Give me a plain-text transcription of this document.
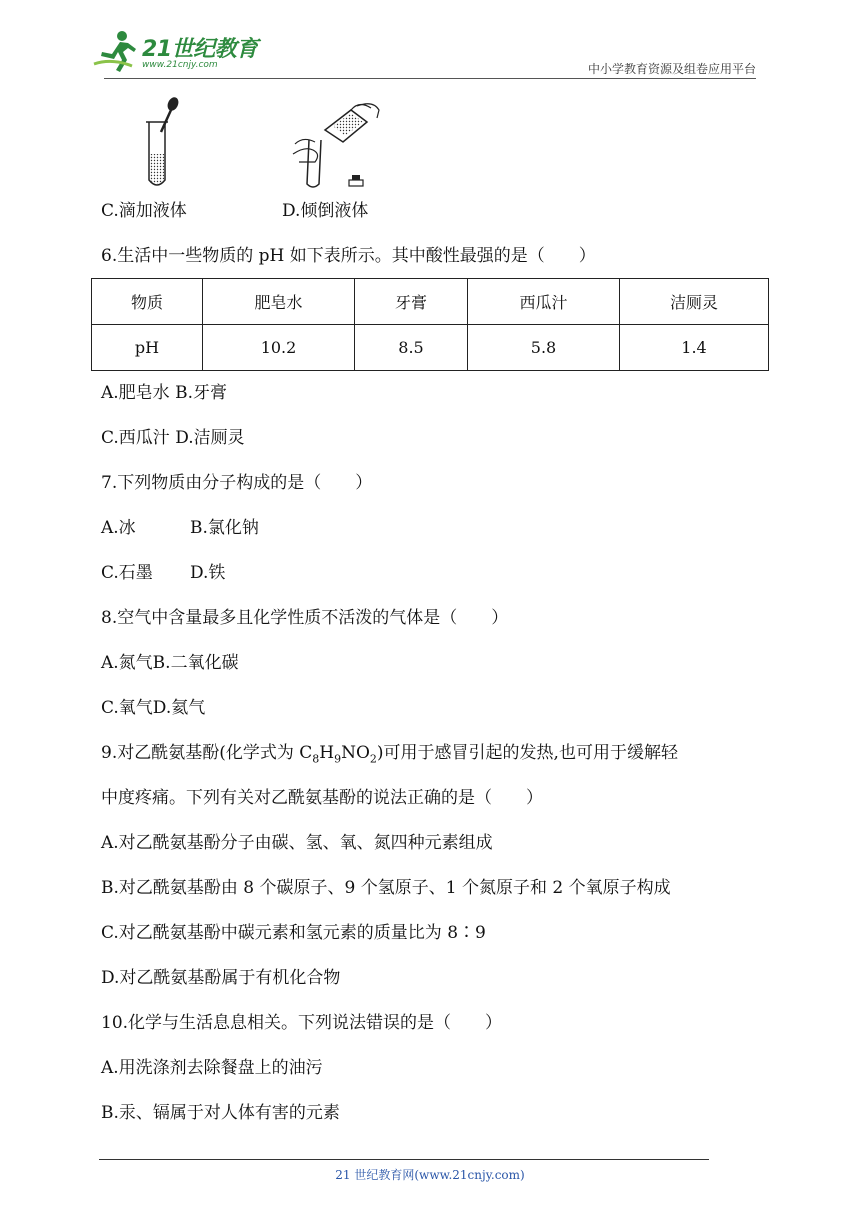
21世纪教育
www.21cnjy.com	中小学教育资源及组卷应用平台
C.滴加液体	D.倾倒液体
6.生活中一些物质的 pH 如下表所示。其中酸性最强的是（　　）
物质	肥皂水	牙膏	西瓜汁	洁厕灵
pH	10.2	8.5	5.8	1.4
A.肥皂水 B.牙膏
C.西瓜汁 D.洁厕灵
7.下列物质由分子构成的是（　　）
A.冰	B.氯化钠
C.石墨 D.铁
8.空气中含量最多且化学性质不活泼的气体是（　　）
A.氮气B.二氧化碳
C.氧气D.氦气
9.对乙酰氨基酚(化学式为 $C_8H_9NO_2$)可用于感冒引起的发热,也可用于缓解轻
中度疼痛。下列有关对乙酰氨基酚的说法正确的是（　　）
A.对乙酰氨基酚分子由碳、氢、氧、氮四种元素组成
B.对乙酰氨基酚由 8 个碳原子、9 个氢原子、1 个氮原子和 2 个氧原子构成
C.对乙酰氨基酚中碳元素和氢元素的质量比为 8∶9
D.对乙酰氨基酚属于有机化合物
10.化学与生活息息相关。下列说法错误的是（　　）
A.用洗涤剂去除餐盘上的油污
B.汞、镉属于对人体有害的元素
21 世纪教育网(www.21cnjy.com)
